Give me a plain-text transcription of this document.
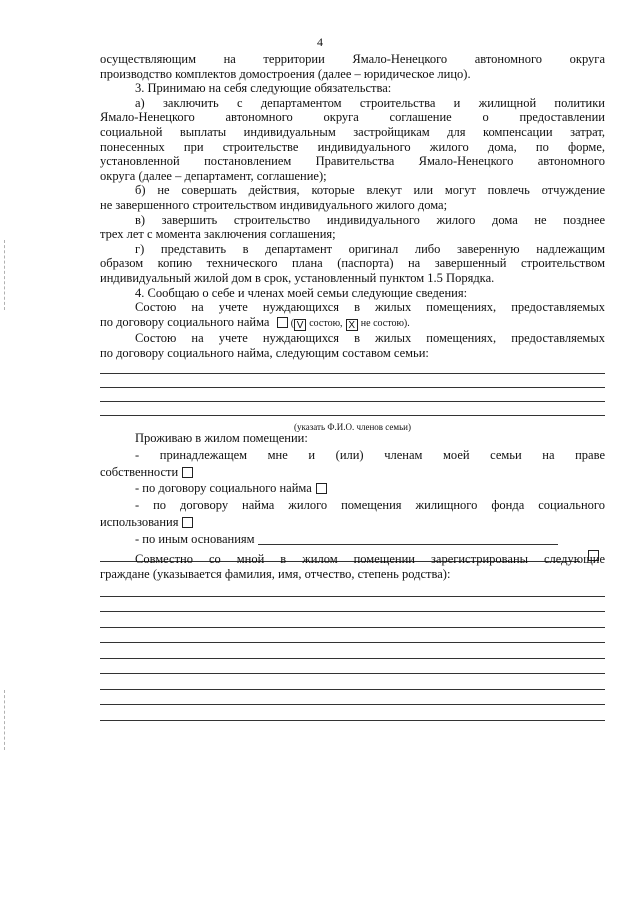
4

осуществляющим на территории Ямало-Ненецкого автономного округа

производство комплектов домостроения (далее – юридическое лицо).

3. Принимаю на себя следующие обязательства:

а) заключить с департаментом строительства и жилищной политики

Ямало-Ненецкого автономного округа соглашение о предоставлении

социальной выплаты индивидуальным застройщикам для компенсации затрат,

понесенных при строительстве индивидуального жилого дома, по форме,

установленной постановлением Правительства Ямало-Ненецкого автономного

округа (далее – департамент, соглашение);

б) не совершать действия, которые влекут или могут повлечь отчуждение

не завершенного строительством индивидуального жилого дома;

в) завершить строительство индивидуального жилого дома не позднее

трех лет с момента заключения соглашения;

г) представить в департамент оригинал либо заверенную надлежащим

образом копию технического плана (паспорта) на завершенный строительством

индивидуальный жилой дом в срок, установленный пунктом 1.5 Порядка.

4. Сообщаю о себе и членах моей семьи следующие сведения:

Состою на учете нуждающихся в жилых помещениях, предоставляемых

по договору социального найма  ( V состою, X не состою).

Состою на учете нуждающихся в жилых помещениях, предоставляемых

по договору социального найма, следующим составом семьи:

(указать Ф.И.О. членов семьи)

Проживаю в жилом помещении:

- принадлежащем мне и (или) членам моей семьи на праве

собственности

- по договору социального найма

- по договору найма жилого помещения жилищного фонда социального

использования

- по иным основаниям

Совместно со мной в жилом помещении зарегистрированы следующие

граждане (указывается фамилия, имя, отчество, степень родства):
